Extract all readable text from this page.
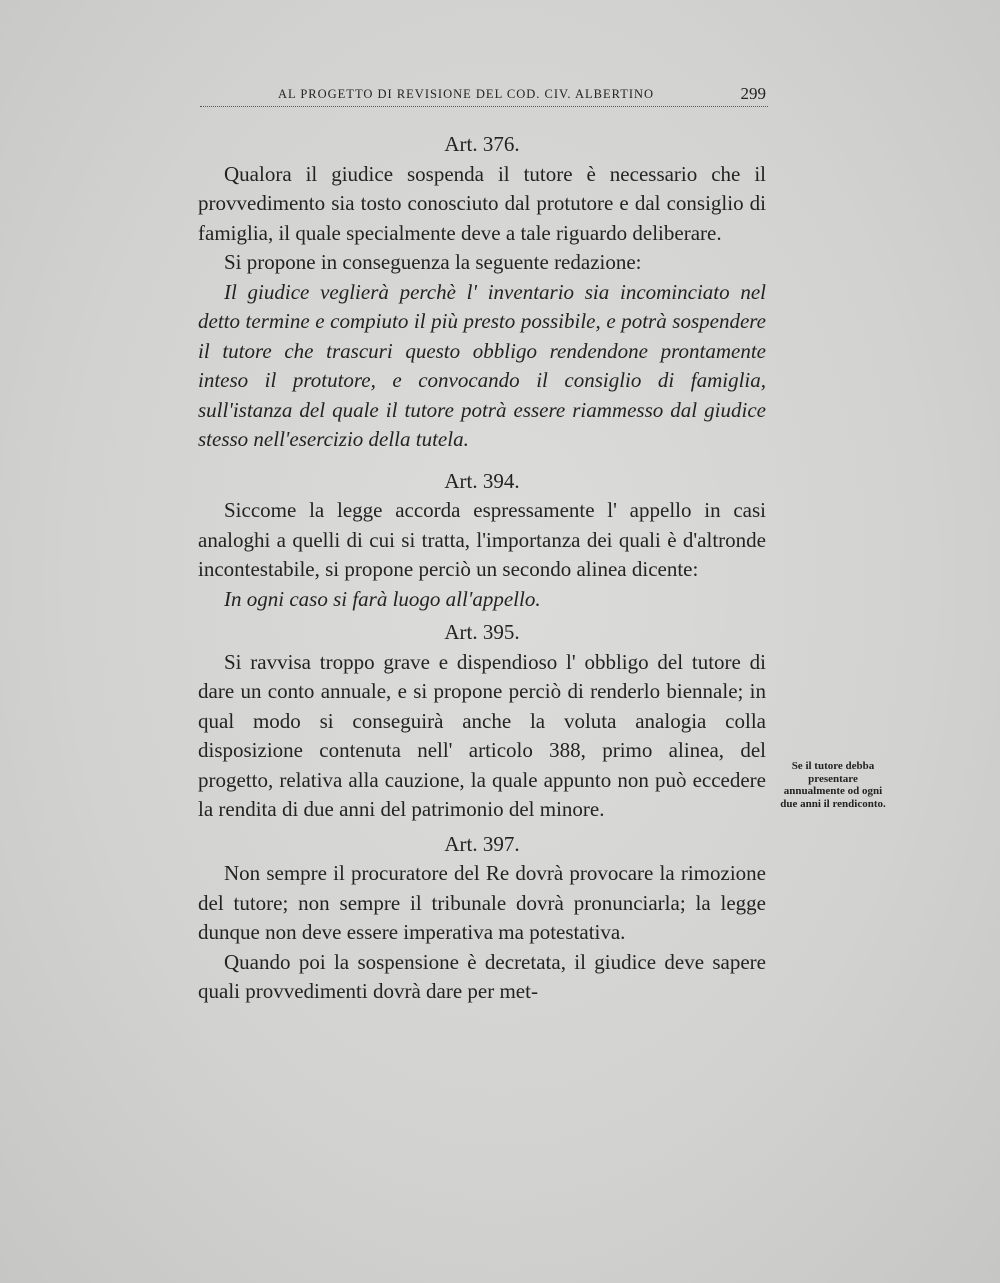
AL PROGETTO DI REVISIONE DEL COD. CIV. ALBERTINO	299
Art. 376.

Qualora il giudice sospenda il tutore è necessario che il provvedimento sia tosto conosciuto dal protutore e dal consiglio di famiglia, il quale specialmente deve a tale riguardo deliberare.

Si propone in conseguenza la seguente redazione:

Il giudice veglierà perchè l' inventario sia incominciato nel detto termine e compiuto il più presto possibile, e potrà sospendere il tutore che trascuri questo obbligo rendendone prontamente inteso il protutore, e convocando il consiglio di famiglia, sull'istanza del quale il tutore potrà essere riammesso dal giudice stesso nell'esercizio della tutela.

Art. 394.

Siccome la legge accorda espressamente l' appello in casi analoghi a quelli di cui si tratta, l'importanza dei quali è d'altronde incontestabile, si propone perciò un secondo alinea dicente:

In ogni caso si farà luogo all'appello.

Art. 395.

Si ravvisa troppo grave e dispendioso l' obbligo del tutore di dare un conto annuale, e si propone perciò di renderlo biennale; in qual modo si conseguirà anche la voluta analogia colla disposizione contenuta nell' articolo 388, primo alinea, del progetto, relativa alla cauzione, la quale appunto non può eccedere la rendita di due anni del patrimonio del minore.

Art. 397.

Non sempre il procuratore del Re dovrà provocare la rimozione del tutore; non sempre il tribunale dovrà pronunciarla; la legge dunque non deve essere imperativa ma potestativa.

Quando poi la sospensione è decretata, il giudice deve sapere quali provvedimenti dovrà dare per met-

Se il tutore debba presentare annualmente od ogni due anni il rendiconto.
